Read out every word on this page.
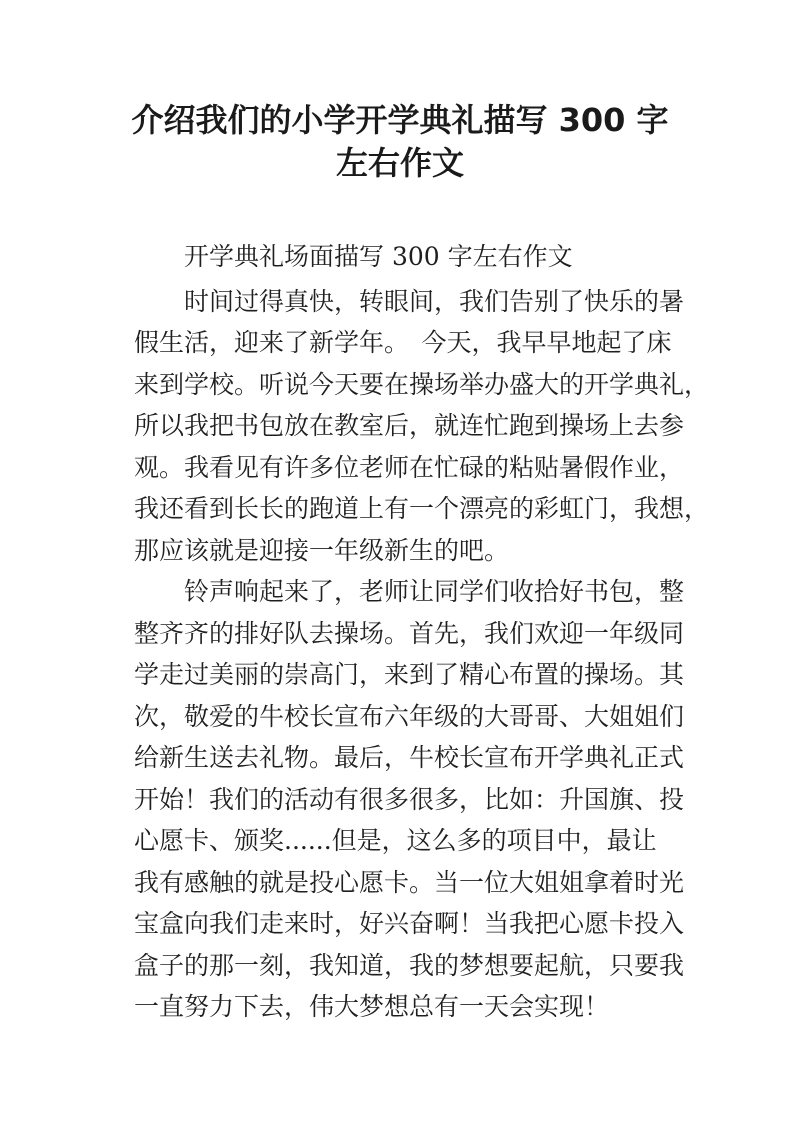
介绍我们的小学开学典礼描写 300 字
左右作文
开学典礼场面描写 300 字左右作文
时间过得真快，转眼间，我们告别了快乐的暑
假生活，迎来了新学年。　今天，我早早地起了床
来到学校。听说今天要在操场举办盛大的开学典礼，
所以我把书包放在教室后，就连忙跑到操场上去参
观。我看见有许多位老师在忙碌的粘贴暑假作业，
我还看到长长的跑道上有一个漂亮的彩虹门，我想，
那应该就是迎接一年级新生的吧。
铃声响起来了，老师让同学们收拾好书包，整
整齐齐的排好队去操场。首先，我们欢迎一年级同
学走过美丽的崇高门，来到了精心布置的操场。其
次，敬爱的牛校长宣布六年级的大哥哥、大姐姐们
给新生送去礼物。最后，牛校长宣布开学典礼正式
开始！我们的活动有很多很多，比如：升国旗、投
心愿卡、颁奖......但是，这么多的项目中，最让
我有感触的就是投心愿卡。当一位大姐姐拿着时光
宝盒向我们走来时，好兴奋啊！当我把心愿卡投入
盒子的那一刻，我知道，我的梦想要起航，只要我
一直努力下去，伟大梦想总有一天会实现！
